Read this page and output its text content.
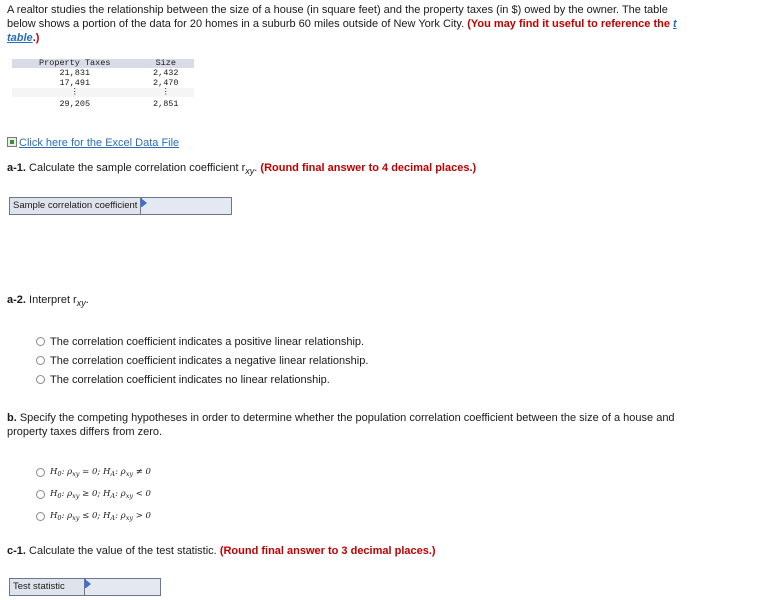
A realtor studies the relationship between the size of a house (in square feet) and the property taxes (in $) owed by the owner. The table below shows a portion of the data for 20 homes in a suburb 60 miles outside of New York City. (You may find it useful to reference the t table.)
Property Taxes	Size
21,831	2,432
17,491	2,470
⋮	⋮
29,205	2,851
Click here for the Excel Data File
a-1. Calculate the sample correlation coefficient $r_{xy}$. (Round final answer to 4 decimal places.)
Sample correlation coefficient
a-2. Interpret $r_{xy}$.
The correlation coefficient indicates a positive linear relationship.
The correlation coefficient indicates a negative linear relationship.
The correlation coefficient indicates no linear relationship.
b. Specify the competing hypotheses in order to determine whether the population correlation coefficient between the size of a house and property taxes differs from zero.
$H_0$: $\rho_{xy} = 0$; $H_A$: $\rho_{xy} \ne 0$
$H_0$: $\rho_{xy} \ge 0$; $H_A$: $\rho_{xy} < 0$
$H_0$: $\rho_{xy} \le 0$; $H_A$: $\rho_{xy} > 0$
c-1. Calculate the value of the test statistic. (Round final answer to 3 decimal places.)
Test statistic
